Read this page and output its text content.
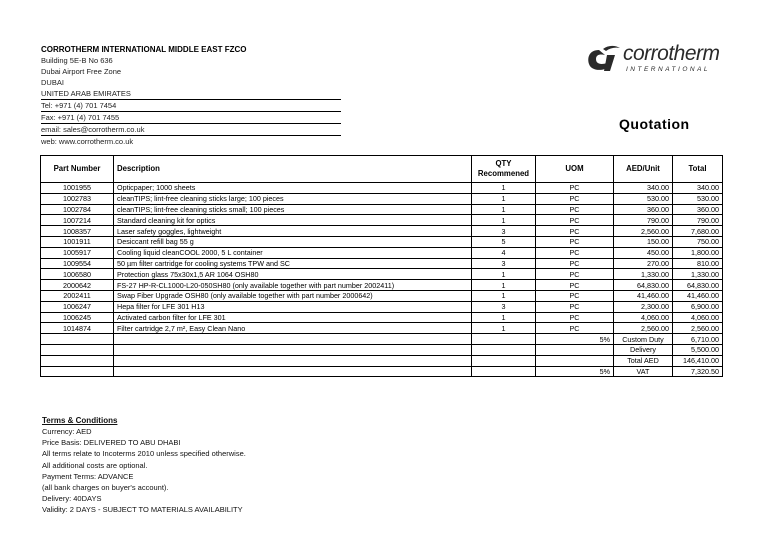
CORROTHERM INTERNATIONAL MIDDLE EAST FZCO
Building 5E-B No 636
Dubai Airport Free Zone
DUBAI
UNITED ARAB EMIRATES
Tel: +971 (4) 701 7454
Fax: +971 (4) 701 7455
email: sales@corrotherm.co.uk
web: www.corrotherm.co.uk
corrotherm
INTERNATIONAL
Quotation
Part Number	Description	QTY Recommened	UOM	AED/Unit	Total
1001955	Opticpaper; 1000 sheets	1	PC	340.00	340.00
1002783	cleanTIPS; lint-free cleaning sticks large; 100 pieces	1	PC	530.00	530.00
1002784	cleanTIPS; lint-free cleaning sticks small; 100 pieces	1	PC	360.00	360.00
1007214	Standard cleaning kit for optics	1	PC	790.00	790.00
1008357	Laser safety goggles, lightweight	3	PC	2,560.00	7,680.00
1001911	Desiccant refill bag 55 g	5	PC	150.00	750.00
1005917	Cooling liquid cleanCOOL 2000, 5 L container	4	PC	450.00	1,800.00
1009554	50 µm filter cartridge for cooling systems TPW and SC	3	PC	270.00	810.00
1006580	Protection glass 75x30x1,5 AR 1064 OSH80	1	PC	1,330.00	1,330.00
2000642	FS-27 HP-R-CL1000-L20-050SH80 (only available together with part number 2002411)	1	PC	64,830.00	64,830.00
2002411	Swap Fiber Upgrade OSH80 (only available together with part number 2000642)	1	PC	41,460.00	41,460.00
1006247	Hepa filter for LFE 301 H13	3	PC	2,300.00	6,900.00
1006245	Activated carbon filter for LFE 301	1	PC	4,060.00	4,060.00
1014874	Filter cartridge 2,7 m², Easy Clean Nano	1	PC	2,560.00	2,560.00
			5%	Custom Duty	6,710.00
				Delivery	5,500.00
				Total AED	146,410.00
			5%	VAT	7,320.50
Terms & Conditions
Currency: AED
Price Basis: DELIVERED TO ABU DHABI
All terms relate to Incoterms 2010 unless specified otherwise.
All additional costs are optional.
Payment Terms: ADVANCE
(all bank charges on buyer's account).
Delivery: 40DAYS
Validity: 2 DAYS - SUBJECT TO MATERIALS AVAILABILITY
